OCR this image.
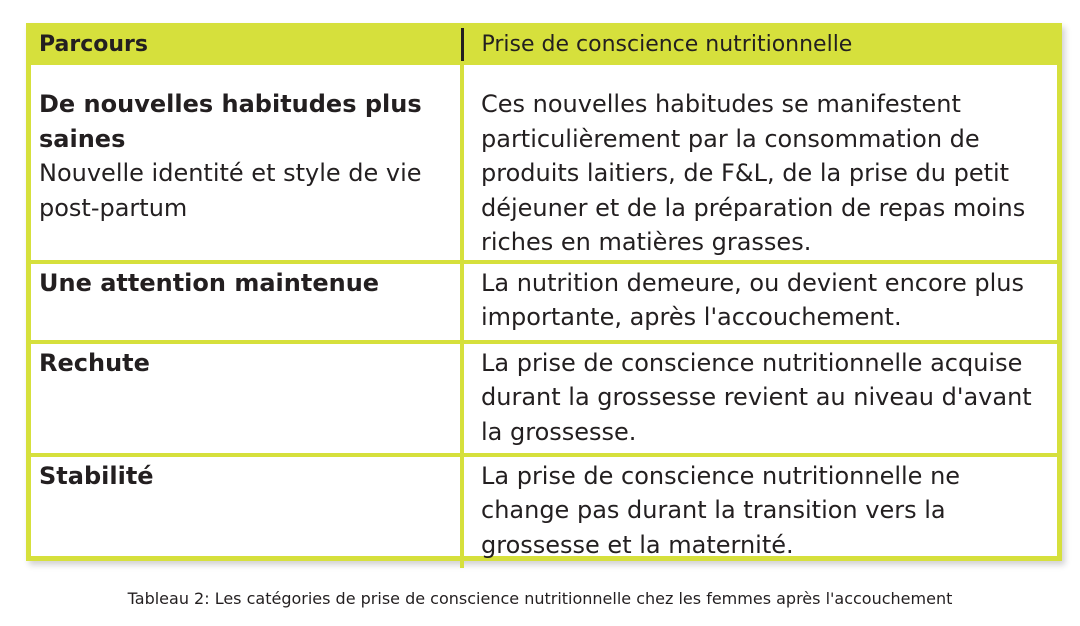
Parcours	Prise de conscience nutritionnelle

De nouvelles habitudes plus saines
Nouvelle identité et style de vie post-partum	Ces nouvelles habitudes se manifestent particulièrement par la consommation de produits laitiers, de F&L, de la prise du petit déjeuner et de la préparation de repas moins riches en matières grasses.

Une attention maintenue	La nutrition demeure, ou devient encore plus importante, après l'accouchement.

Rechute	La prise de conscience nutritionnelle acquise durant la grossesse revient au niveau d'avant la grossesse.

Stabilité	La prise de conscience nutritionnelle ne change pas durant la transition vers la grossesse et la maternité.
Tableau 2: Les catégories de prise de conscience nutritionnelle chez les femmes après l'accouchement
